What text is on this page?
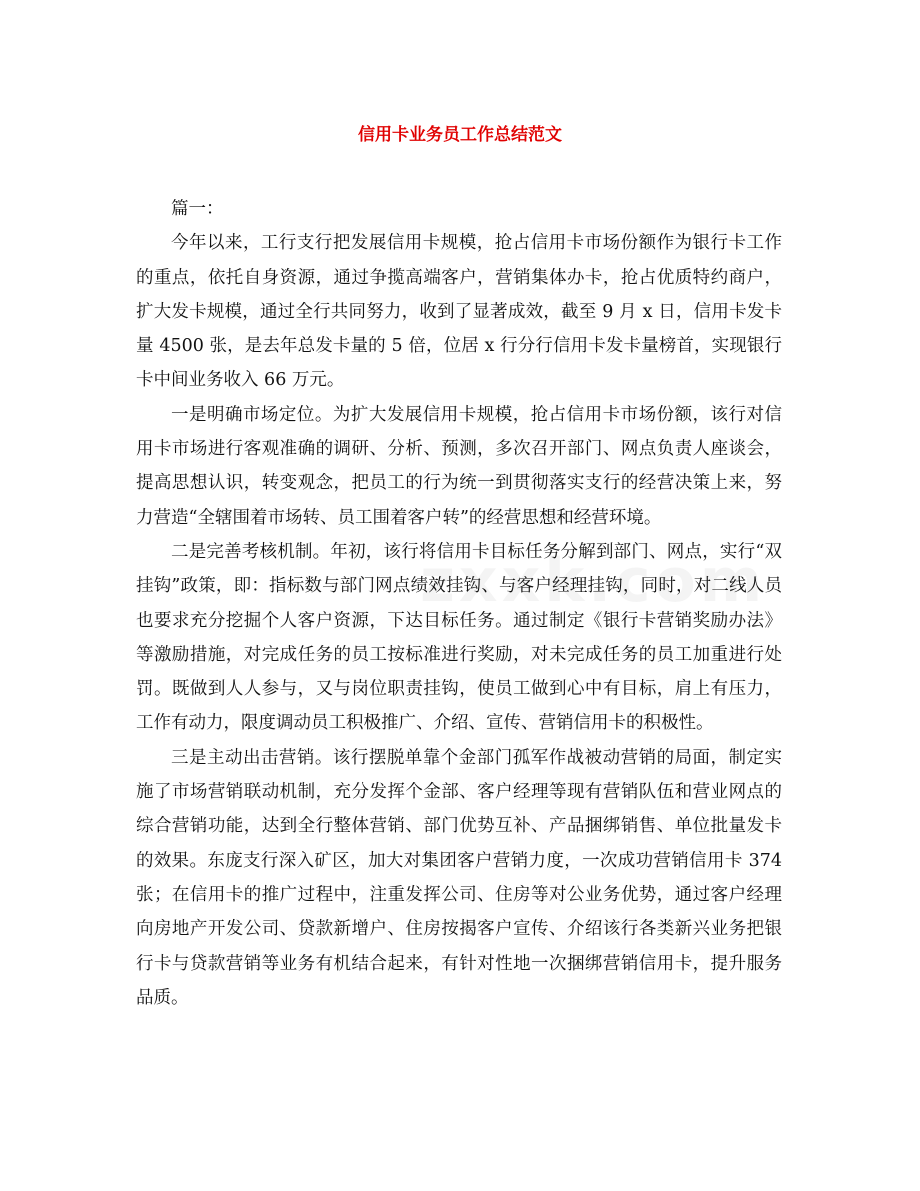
信用卡业务员工作总结范文

篇一：

今年以来，工行支行把发展信用卡规模，抢占信用卡市场份额作为银行卡工作的重点，依托自身资源，通过争揽高端客户，营销集体办卡，抢占优质特约商户，扩大发卡规模，通过全行共同努力，收到了显著成效，截至 9 月 x 日，信用卡发卡量 4500 张，是去年总发卡量的 5 倍，位居 x 行分行信用卡发卡量榜首，实现银行卡中间业务收入 66 万元。

一是明确市场定位。为扩大发展信用卡规模，抢占信用卡市场份额，该行对信用卡市场进行客观准确的调研、分析、预测，多次召开部门、网点负责人座谈会，提高思想认识，转变观念，把员工的行为统一到贯彻落实支行的经营决策上来，努力营造“全辖围着市场转、员工围着客户转”的经营思想和经营环境。

二是完善考核机制。年初，该行将信用卡目标任务分解到部门、网点，实行“双挂钩”政策，即：指标数与部门网点绩效挂钩、与客户经理挂钩，同时，对二线人员也要求充分挖掘个人客户资源，下达目标任务。通过制定《银行卡营销奖励办法》等激励措施，对完成任务的员工按标准进行奖励，对未完成任务的员工加重进行处罚。既做到人人参与，又与岗位职责挂钩，使员工做到心中有目标，肩上有压力，工作有动力，限度调动员工积极推广、介绍、宣传、营销信用卡的积极性。

三是主动出击营销。该行摆脱单靠个金部门孤军作战被动营销的局面，制定实施了市场营销联动机制，充分发挥个金部、客户经理等现有营销队伍和营业网点的综合营销功能，达到全行整体营销、部门优势互补、产品捆绑销售、单位批量发卡的效果。东庞支行深入矿区，加大对集团客户营销力度，一次成功营销信用卡 374 张；在信用卡的推广过程中，注重发挥公司、住房等对公业务优势，通过客户经理向房地产开发公司、贷款新增户、住房按揭客户宣传、介绍该行各类新兴业务把银行卡与贷款营销等业务有机结合起来，有针对性地一次捆绑营销信用卡，提升服务品质。
